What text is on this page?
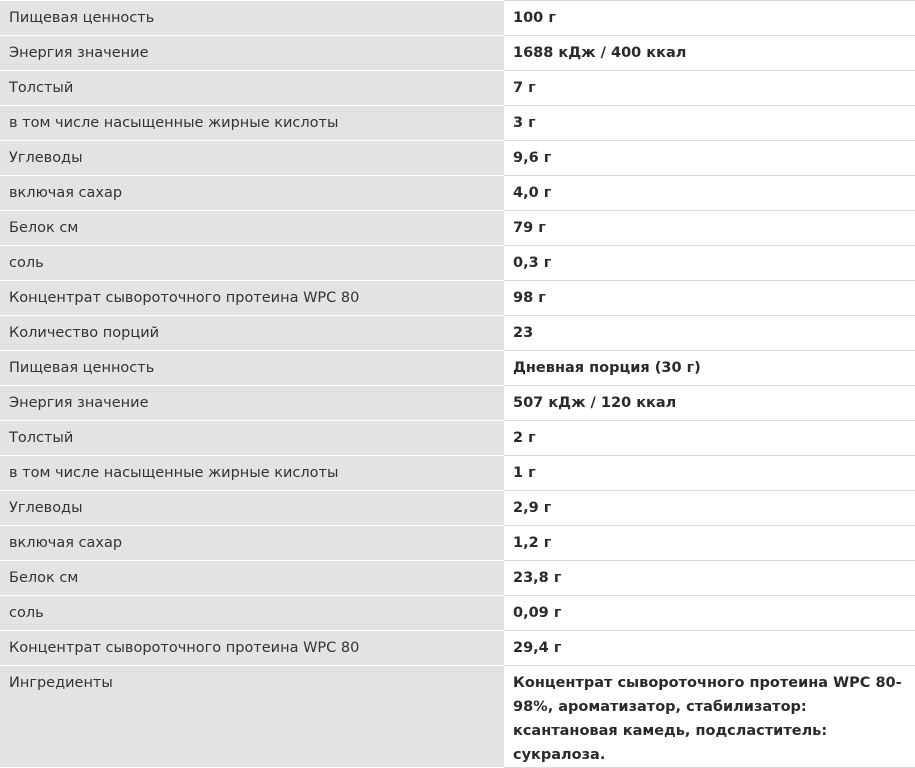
Пищевая ценность	100 г
Энергия значение	1688 кДж / 400 ккал
Толстый	7 г
в том числе насыщенные жирные кислоты	3 г
Углеводы	9,6 г
включая сахар	4,0 г
Белок см	79 г
соль	0,3 г
Концентрат сывороточного протеина WPC 80	98 г
Количество порций	23
Пищевая ценность	Дневная порция (30 г)
Энергия значение	507 кДж / 120 ккал
Толстый	2 г
в том числе насыщенные жирные кислоты	1 г
Углеводы	2,9 г
включая сахар	1,2 г
Белок см	23,8 г
соль	0,09 г
Концентрат сывороточного протеина WPC 80	29,4 г
Ингредиенты	Концентрат сывороточного протеина WPC 80-98%, ароматизатор, стабилизатор: ксантановая камедь, подсластитель: сукралоза.
